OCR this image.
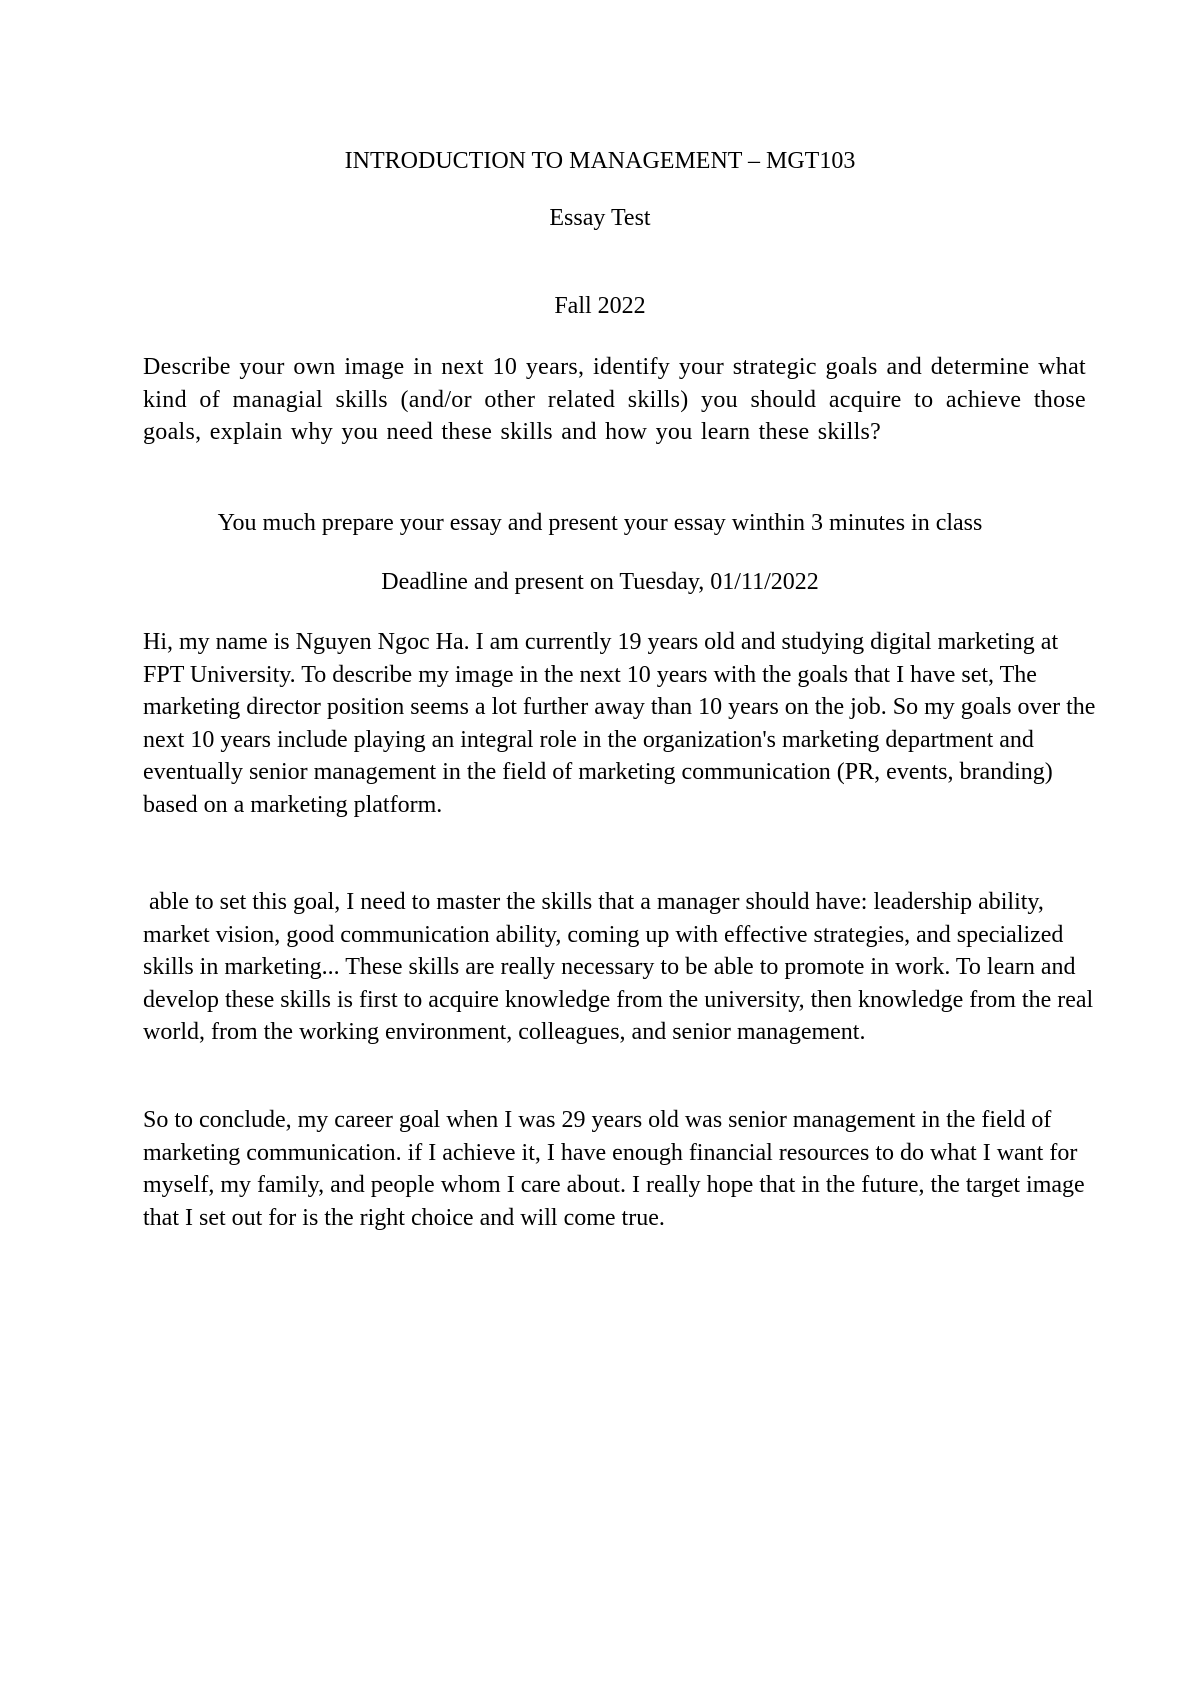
INTRODUCTION TO MANAGEMENT – MGT103
Essay Test
Fall 2022
Describe your own image in next 10 years, identify your strategic goals and determine what kind of managial skills (and/or other related skills) you should acquire to achieve those goals, explain why you need these skills and how you learn these skills?
You much prepare your essay and present your essay winthin 3 minutes in class
Deadline and present on Tuesday, 01/11/2022
Hi, my name is Nguyen Ngoc Ha. I am currently 19 years old and studying digital marketing at FPT University. To describe my image in the next 10 years with the goals that I have set, The marketing director position seems a lot further away than 10 years on the job. So my goals over the next 10 years include playing an integral role in the organization's marketing department and eventually senior management in the field of marketing communication (PR, events, branding) based on a marketing platform.
able to set this goal, I need to master the skills that a manager should have: leadership ability, market vision, good communication ability, coming up with effective strategies, and specialized skills in marketing... These skills are really necessary to be able to promote in work. To learn and develop these skills is first to acquire knowledge from the university, then knowledge from the real world, from the working environment, colleagues, and senior management.
So to conclude, my career goal when I was 29 years old was senior management in the field of marketing communication. if I achieve it, I have enough financial resources to do what I want for myself, my family, and people whom I care about. I really hope that in the future, the target image that I set out for is the right choice and will come true.
